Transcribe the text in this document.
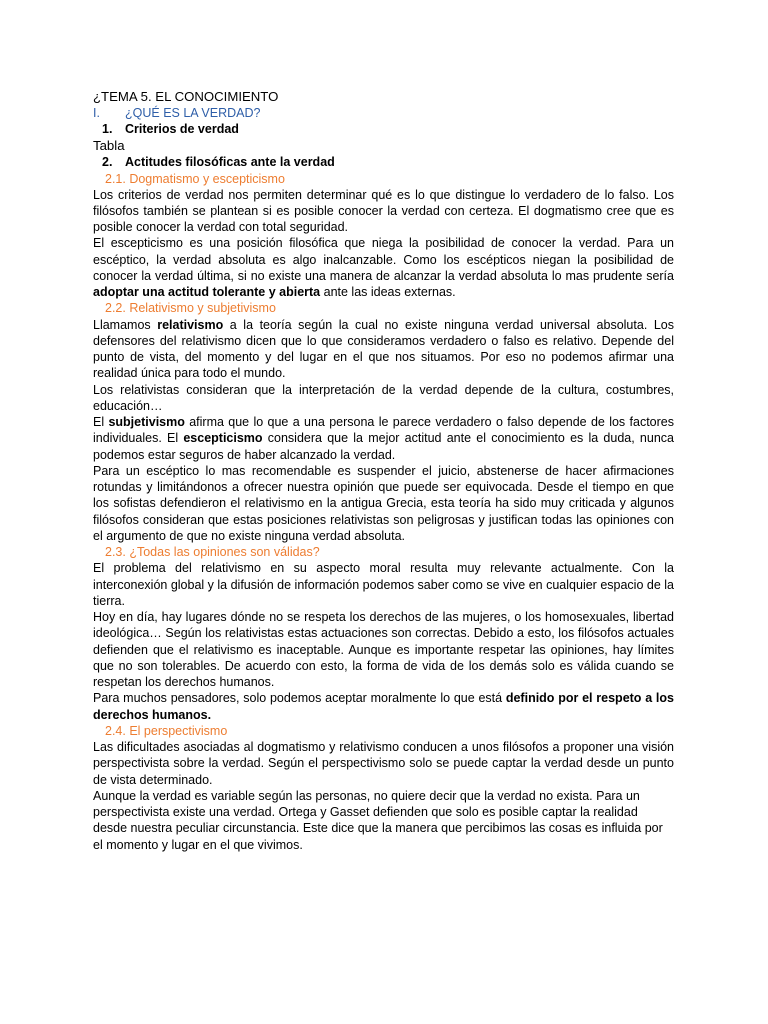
¿TEMA 5. EL CONOCIMIENTO

I.	¿QUÉ ES LA VERDAD?
1.	Criterios de verdad

Tabla

2.	Actitudes filosóficas ante la verdad

2.1. Dogmatismo y escepticismo

Los criterios de verdad nos permiten determinar qué es lo que distingue lo verdadero de lo falso. Los filósofos también se plantean si es posible conocer la verdad con certeza. El dogmatismo cree que es posible conocer la verdad con total seguridad.

El escepticismo es una posición filosófica que niega la posibilidad de conocer la verdad. Para un escéptico, la verdad absoluta es algo inalcanzable. Como los escépticos niegan la posibilidad de conocer la verdad última, si no existe una manera de alcanzar la verdad absoluta lo mas prudente sería adoptar una actitud tolerante y abierta ante las ideas externas.

2.2. Relativismo y subjetivismo

Llamamos relativismo a la teoría según la cual no existe ninguna verdad universal absoluta. Los defensores del relativismo dicen que lo que consideramos verdadero o falso es relativo. Depende del punto de vista, del momento y del lugar en el que nos situamos. Por eso no podemos afirmar una realidad única para todo el mundo.

Los relativistas consideran que la interpretación de la verdad depende de la cultura, costumbres, educación…

El subjetivismo afirma que lo que a una persona le parece verdadero o falso depende de los factores individuales. El escepticismo considera que la mejor actitud ante el conocimiento es la duda, nunca podemos estar seguros de haber alcanzado la verdad.

Para un escéptico lo mas recomendable es suspender el juicio, abstenerse de hacer afirmaciones rotundas y limitándonos a ofrecer nuestra opinión que puede ser equivocada. Desde el tiempo en que los sofistas defendieron el relativismo en la antigua Grecia, esta teoría ha sido muy criticada y algunos filósofos consideran que estas posiciones relativistas son peligrosas y justifican todas las opiniones con el argumento de que no existe ninguna verdad absoluta.

2.3. ¿Todas las opiniones son válidas?

El problema del relativismo en su aspecto moral resulta muy relevante actualmente. Con la interconexión global y la difusión de información podemos saber como se vive en cualquier espacio de la tierra.

Hoy en día, hay lugares dónde no se respeta los derechos de las mujeres, o los homosexuales, libertad ideológica… Según los relativistas estas actuaciones son correctas. Debido a esto, los filósofos actuales defienden que el relativismo es inaceptable. Aunque es importante respetar las opiniones, hay límites que no son tolerables. De acuerdo con esto, la forma de vida de los demás solo es válida cuando se respetan los derechos humanos.

Para muchos pensadores, solo podemos aceptar moralmente lo que está definido por el respeto a los derechos humanos.

2.4. El perspectivismo

Las dificultades asociadas al dogmatismo y relativismo conducen a unos filósofos a proponer una visión perspectivista sobre la verdad. Según el perspectivismo solo se puede captar la verdad desde un punto de vista determinado.

Aunque la verdad es variable según las personas, no quiere decir que la verdad no exista. Para un perspectivista existe una verdad. Ortega y Gasset defienden que solo es posible captar la realidad desde nuestra peculiar circunstancia. Este dice que la manera que percibimos las cosas es influida por el momento y lugar en el que vivimos.
